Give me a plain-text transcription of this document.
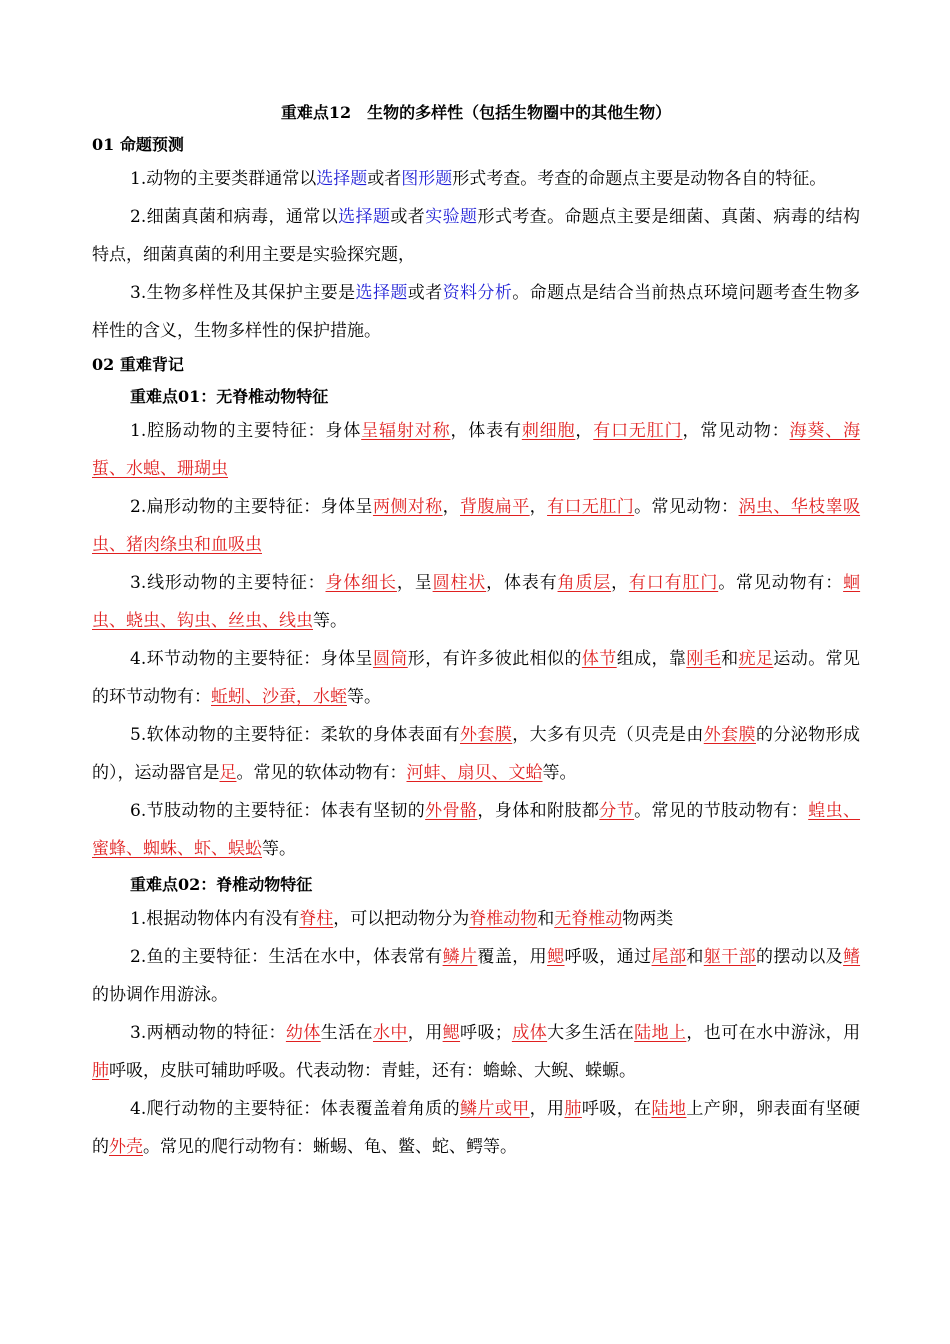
重难点12　生物的多样性（包括生物圈中的其他生物）
01 命题预测
1.动物的主要类群通常以选择题或者图形题形式考查。考查的命题点主要是动物各自的特征。
2.细菌真菌和病毒，通常以选择题或者实验题形式考查。命题点主要是细菌、真菌、病毒的结构特点，细菌真菌的利用主要是实验探究题，
3.生物多样性及其保护主要是选择题或者资料分析。命题点是结合当前热点环境问题考查生物多样性的含义，生物多样性的保护措施。
02 重难背记
重难点01：无脊椎动物特征
1.腔肠动物的主要特征：身体呈辐射对称，体表有刺细胞，有口无肛门，常见动物：海葵、海蜇、水螅、珊瑚虫
2.扁形动物的主要特征：身体呈两侧对称，背腹扁平，有口无肛门。常见动物：涡虫、华枝睾吸虫、猪肉绦虫和血吸虫
3.线形动物的主要特征：身体细长，呈圆柱状，体表有角质层，有口有肛门。常见动物有：蛔虫、蛲虫、钩虫、丝虫、线虫等。
4.环节动物的主要特征：身体呈圆筒形，有许多彼此相似的体节组成，靠刚毛和疣足运动。常见的环节动物有：蚯蚓、沙蚕，水蛭等。
5.软体动物的主要特征：柔软的身体表面有外套膜，大多有贝壳（贝壳是由外套膜的分泌物形成的），运动器官是足。常见的软体动物有：河蚌、扇贝、文蛤等。
6.节肢动物的主要特征：体表有坚韧的外骨骼，身体和附肢都分节。常见的节肢动物有：蝗虫、蜜蜂、蜘蛛、虾、蜈蚣等。
重难点02：脊椎动物特征
1.根据动物体内有没有脊柱，可以把动物分为脊椎动物和无脊椎动物两类
2.鱼的主要特征：生活在水中，体表常有鳞片覆盖，用鳃呼吸，通过尾部和躯干部的摆动以及鳍的协调作用游泳。
3.两栖动物的特征：幼体生活在水中，用鳃呼吸；成体大多生活在陆地上，也可在水中游泳，用肺呼吸，皮肤可辅助呼吸。代表动物：青蛙，还有：蟾蜍、大鲵、蝾螈。
4.爬行动物的主要特征：体表覆盖着角质的鳞片或甲，用肺呼吸，在陆地上产卵，卵表面有坚硬的外壳。常见的爬行动物有：蜥蜴、龟、鳖、蛇、鳄等。
